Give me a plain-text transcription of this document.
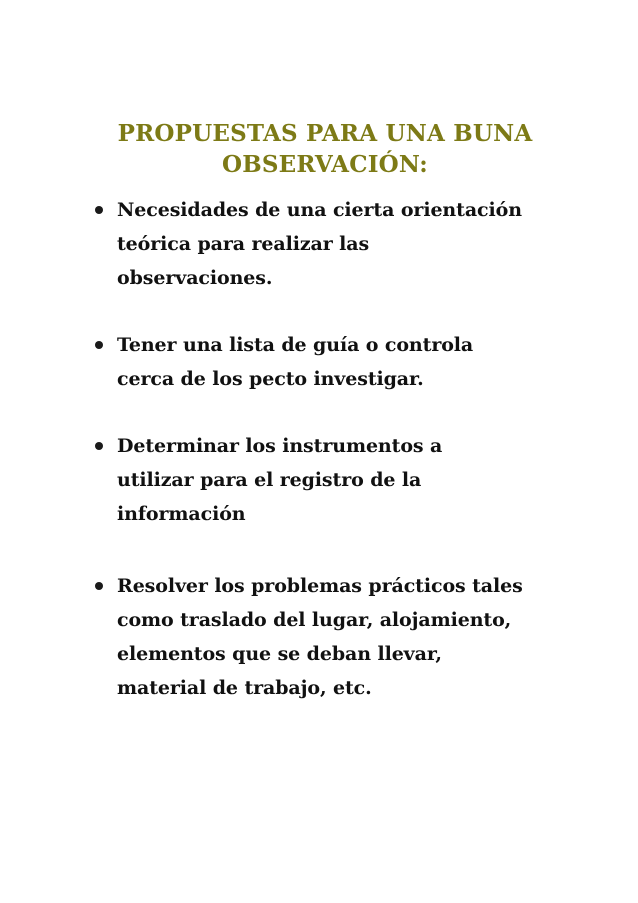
PROPUESTAS PARA UNA BUNA
OBSERVACIÓN:
Necesidades de una cierta orientación
teórica para realizar las
observaciones.
Tener una lista de guía o controla
cerca de los pecto investigar.
Determinar los instrumentos a
utilizar para el registro de la
información
Resolver los problemas prácticos tales
como traslado del lugar, alojamiento,
elementos que se deban llevar,
material de trabajo, etc.
